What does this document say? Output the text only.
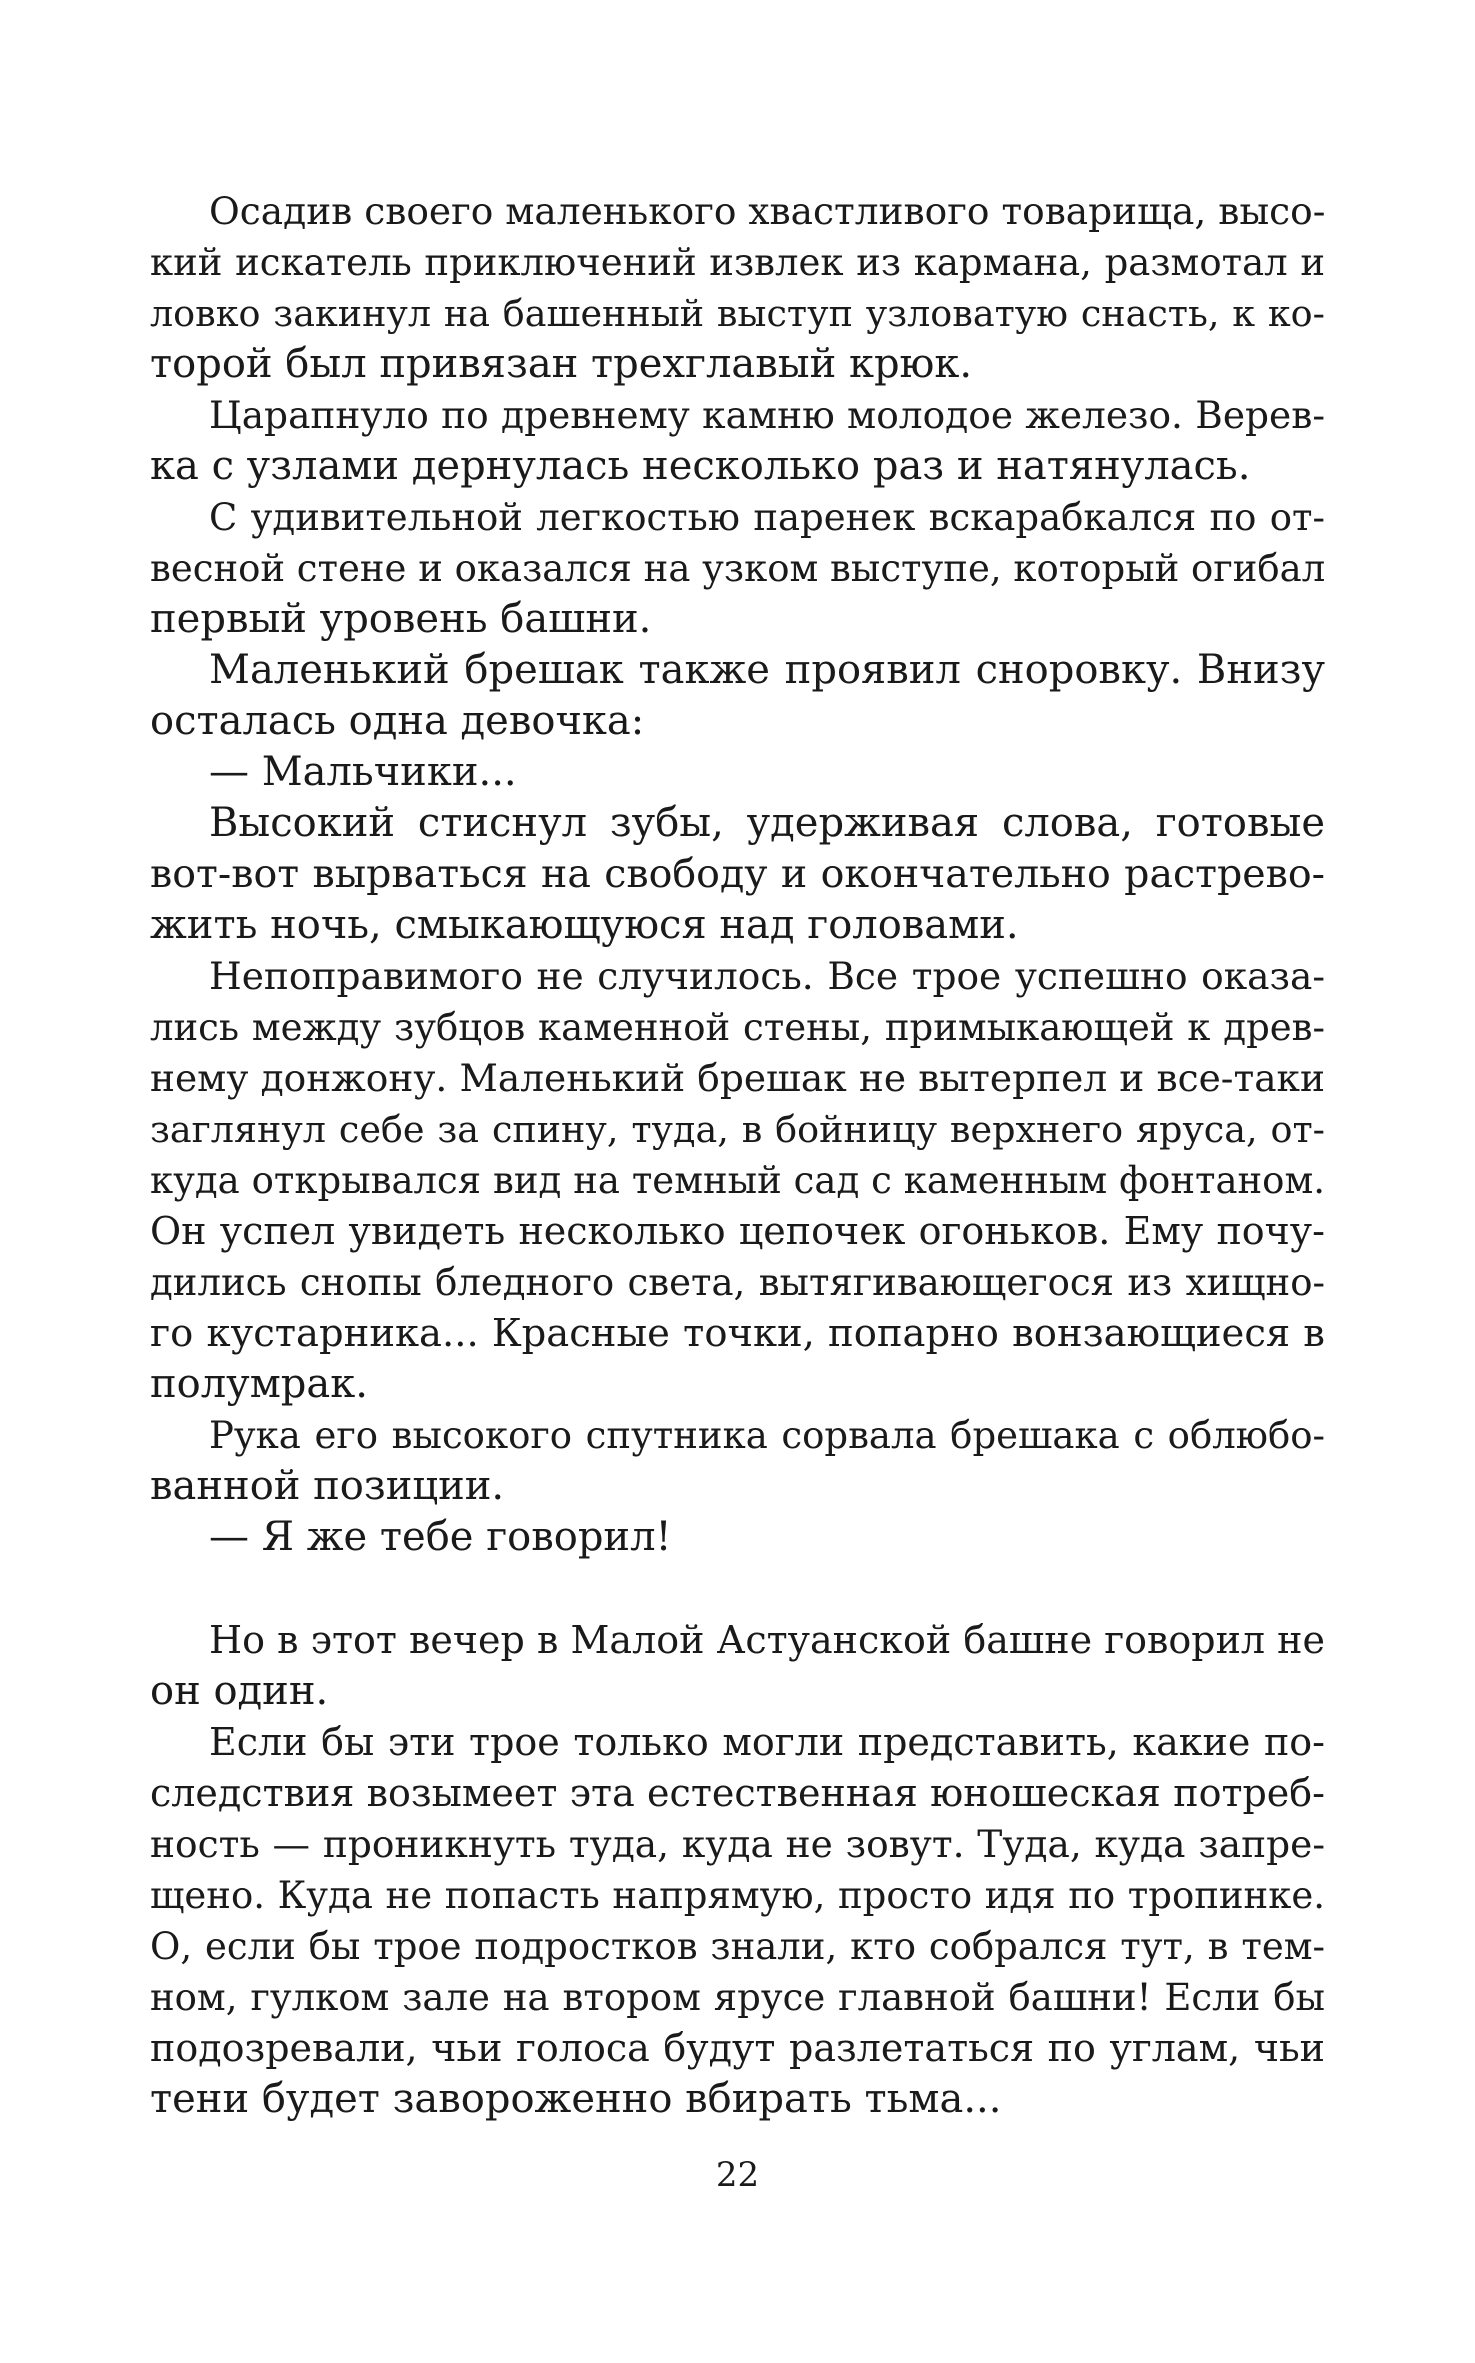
Осадив своего маленького хвастливого товарища, высо-
кий искатель приключений извлек из кармана, размотал и
ловко закинул на башенный выступ узловатую снасть, к ко-
торой был привязан трехглавый крюк.
Царапнуло по древнему камню молодое железо. Верев-
ка с узлами дернулась несколько раз и натянулась.
С удивительной легкостью паренек вскарабкался по от-
весной стене и оказался на узком выступе, который огибал
первый уровень башни.
Маленький брешак также проявил сноровку. Внизу
осталась одна девочка:
— Мальчики...
Высокий стиснул зубы, удерживая слова, готовые
вот-вот вырваться на свободу и окончательно растрево-
жить ночь, смыкающуюся над головами.
Непоправимого не случилось. Все трое успешно оказа-
лись между зубцов каменной стены, примыкающей к древ-
нему донжону. Маленький брешак не вытерпел и все-таки
заглянул себе за спину, туда, в бойницу верхнего яруса, от-
куда открывался вид на темный сад с каменным фонтаном.
Он успел увидеть несколько цепочек огоньков. Ему почу-
дились снопы бледного света, вытягивающегося из хищно-
го кустарника... Красные точки, попарно вонзающиеся в
полумрак.
Рука его высокого спутника сорвала брешака с облюбо-
ванной позиции.
— Я же тебе говорил!
Но в этот вечер в Малой Астуанской башне говорил не
он один.
Если бы эти трое только могли представить, какие по-
следствия возымеет эта естественная юношеская потреб-
ность — проникнуть туда, куда не зовут. Туда, куда запре-
щено. Куда не попасть напрямую, просто идя по тропинке.
О, если бы трое подростков знали, кто собрался тут, в тем-
ном, гулком зале на втором ярусе главной башни! Если бы
подозревали, чьи голоса будут разлетаться по углам, чьи
тени будет завороженно вбирать тьма...
22
